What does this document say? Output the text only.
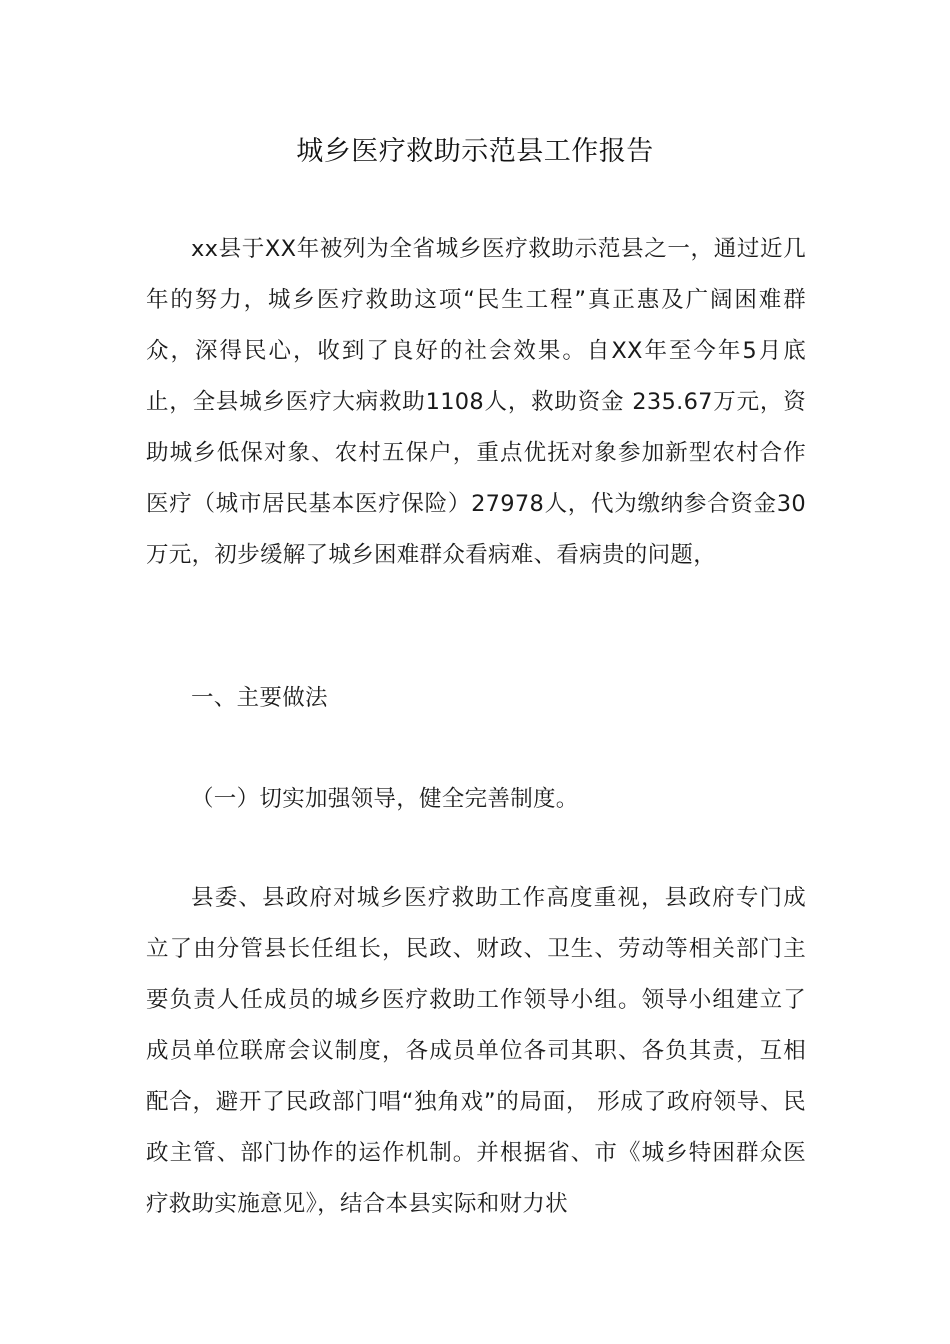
城乡医疗救助示范县工作报告

xx县于XX年被列为全省城乡医疗救助示范县之一，通过近几年的努力，城乡医疗救助这项“民生工程”真正惠及广阔困难群众，深得民心，收到了良好的社会效果。自XX年至今年5月底止，全县城乡医疗大病救助1108人，救助资金 235.67万元，资助城乡低保对象、农村五保户，重点优抚对象参加新型农村合作医疗（城市居民基本医疗保险）27978人，代为缴纳参合资金30万元，初步缓解了城乡困难群众看病难、看病贵的问题，

一、主要做法

（一）切实加强领导，健全完善制度。

县委、县政府对城乡医疗救助工作高度重视，县政府专门成立了由分管县长任组长，民政、财政、卫生、劳动等相关部门主要负责人任成员的城乡医疗救助工作领导小组。领导小组建立了成员单位联席会议制度，各成员单位各司其职、各负其责，互相配合，避开了民政部门唱“独角戏”的局面， 形成了政府领导、民政主管、部门协作的运作机制。并根据省、市《城乡特困群众医疗救助实施意见》，结合本县实际和财力状
